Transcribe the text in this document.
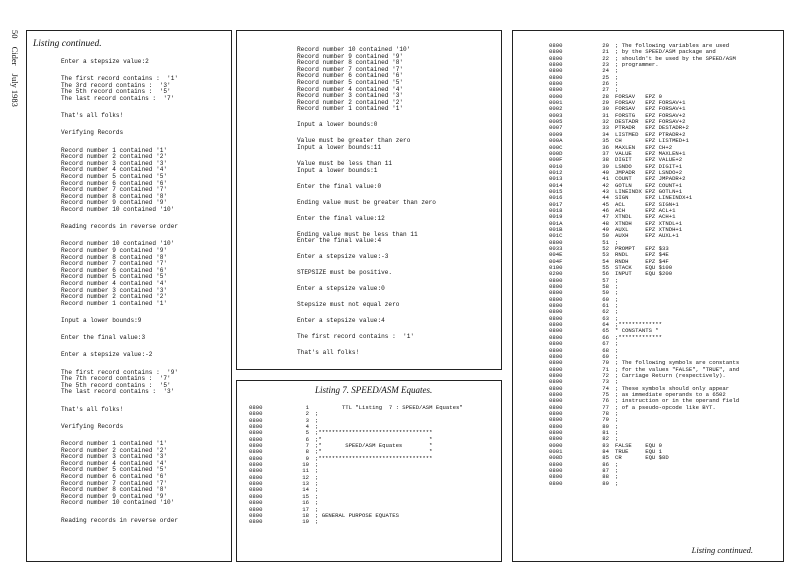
50 Cider July 1983
Listing continued.
Enter a stepsize value:2
The first record contains :  '1'
The 3rd record contains :  '3'
The 5th record contains :  '5'
The last record contains :  '7'
That's all folks!
Verifying Records
Record number 1 contained '1'
Record number 2 contained '2'
Record number 3 contained '3'
Record number 4 contained '4'
Record number 5 contained '5'
Record number 6 contained '6'
Record number 7 contained '7'
Record number 8 contained '8'
Record number 9 contained '9'
Record number 10 contained '10'
Reading records in reverse order
Record number 10 contained '10'
Record number 9 contained '9'
Record number 8 contained '8'
Record number 7 contained '7'
Record number 6 contained '6'
Record number 5 contained '5'
Record number 4 contained '4'
Record number 3 contained '3'
Record number 2 contained '2'
Record number 1 contained '1'
Input a lower bounds:9
Enter the final value:3
Enter a stepsize value:-2
The first record contains :  '9'
The 7th record contains :  '7'
The 5th record contains :  '5'
The last record contains :  '3'
That's all folks!
Verifying Records
Record number 1 contained '1'
Record number 2 contained '2'
Record number 3 contained '3'
Record number 4 contained '4'
Record number 5 contained '5'
Record number 6 contained '6'
Record number 7 contained '7'
Record number 8 contained '8'
Record number 9 contained '9'
Record number 10 contained '10'
Reading records in reverse order
Record number 10 contained '10'
Record number 9 contained '9'
Record number 8 contained '8'
Record number 7 contained '7'
Record number 6 contained '6'
Record number 5 contained '5'
Record number 4 contained '4'
Record number 3 contained '3'
Record number 2 contained '2'
Record number 1 contained '1'
Input a lower bounds:0
Value must be greater than zero
Input a lower bounds:11
Value must be less than 11
Input a lower bounds:1
Enter the final value:0
Ending value must be greater than zero
Enter the final value:12
Ending value must be less than 11
Enter the final value:4
Enter a stepsize value:-3
STEPSIZE must be positive.
Enter a stepsize value:0
Stepsize must not equal zero
Enter a stepsize value:4
The first record contains :  '1'
That's all folks!
Listing 7. SPEED/ASM Equates.
0800	1        TTL "Listing  7 : SPEED/ASM Equates"
0800	2 ;
0800	3 ;
0800	4 ;
0800	5 ;**********************************
0800	6 ;*                                *
0800	7 ;*       SPEED/ASM Equates        *
0800	8 ;*                                *
0800	9 ;**********************************
0800	10 ;
0800	11 ;
0800	12 ;
0800	13 ;
0800	14 ;
0800	15 ;
0800	16 ;
0800	17 ;
0800	18 ; GENERAL PURPOSE EQUATES
0800	19 ;
0800	20 ; The following variables are used
0800	21 ; by the SPEED/ASM package and
0800	22 ; shouldn't be used by the SPEED/ASM
0800	23 ; programmer.
0800	24 ;
0800	25 ;
0800	26 ;
0800	27 ;
0000	28 FORSAV   EPZ 0
0001	29 FORSAV   EPZ FORSAV+1
0002	30 FORSAV   EPZ FORSAV+1
0003	31 FORSTG   EPZ FORSAV+2
0005	32 DESTADR  EPZ FORSAV+2
0007	33 PTRADR   EPZ DESTADR+2
0009	34 LISTMED  EPZ PTRADR+2
000A	35 CH       EPZ LISTMED+1
000C	36 MAXLEN   EPZ CH+2
000D	37 VALUE    EPZ MAXLEN+1
000F	38 DIGIT    EPZ VALUE+2
0010	39 LSNDO    EPZ DIGIT+1
0012	40 JMPADR   EPZ LSNDO+2
0013	41 COUNT    EPZ JMPADR+2
0014	42 GOTLN    EPZ COUNT+1
0015	43 LINEINDX EPZ GOTLN+1
0016	44 SIGN     EPZ LINEINDX+1
0017	45 ACL      EPZ SIGN+1
0018	46 ACH      EPZ ACL+1
0019	47 XTNDL    EPZ ACH+1
001A	48 XTNDH    EPZ XTNDL+1
001B	49 AUXL     EPZ XTNDH+1
001C	50 AUXH     EPZ AUXL+1
0800	51 ;
0033	52 PROMPT   EPZ $33
004E	53 RNDL     EPZ $4E
004F	54 RNDH     EPZ $4F
0100	55 STACK    EQU $100
0200	56 INPUT    EQU $200
0800	57 ;
0800	58 ;
0800	59 ;
0800	60 ;
0800	61 ;
0800	62 ;
0800	63 ;
0800	64 ;*************
0800	65 * CONSTANTS *
0800	66 ;*************
0800	67 ;
0800	68 ;
0800	69 ;
0800	70 ; The following symbols are constants
0800	71 ; for the values "FALSE", "TRUE", and
0800	72 ; Carriage Return (respectively).
0800	73 ;
0800	74 ; These symbols should only appear
0800	75 ; as immediate operands to a 6502
0800	76 ; instruction or in the operand field
0800	77 ; of a pseudo-opcode like BYT.
0800	78 ;
0800	79 ;
0800	80 ;
0800	81 ;
0800	82 ;
0000	83 FALSE    EQU 0
0001	84 TRUE     EQU 1
008D	85 CR       EQU $8D
0800	86 ;
0800	87 ;
0800	88 ;
0800	89 ;
Listing continued.
